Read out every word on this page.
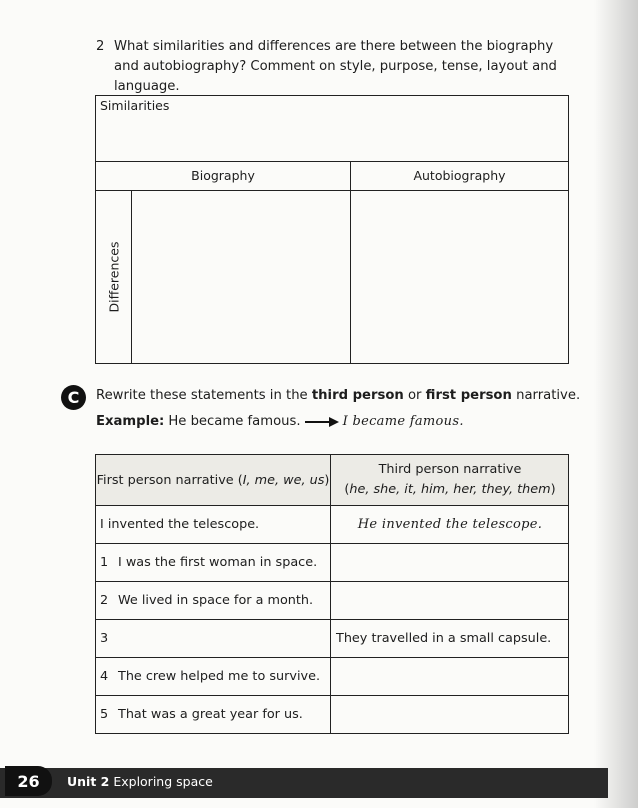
2 What similarities and differences are there between the biography and autobiography? Comment on style, purpose, tense, layout and language.
Similarities
Biography	Autobiography
Differences
C	Rewrite these statements in the third person or first person narrative.
Example: He became famous.	I became famous.
First person narrative ( I, me, we, us )
Third person narrative
(he, she, it, him, her, they, them)
I invented the telescope.	He invented the telescope.
1 I was the first woman in space.
2 We lived in space for a month.
3	They travelled in a small capsule.
4 The crew helped me to survive.
5 That was a great year for us.
26	Unit 2 Exploring space
